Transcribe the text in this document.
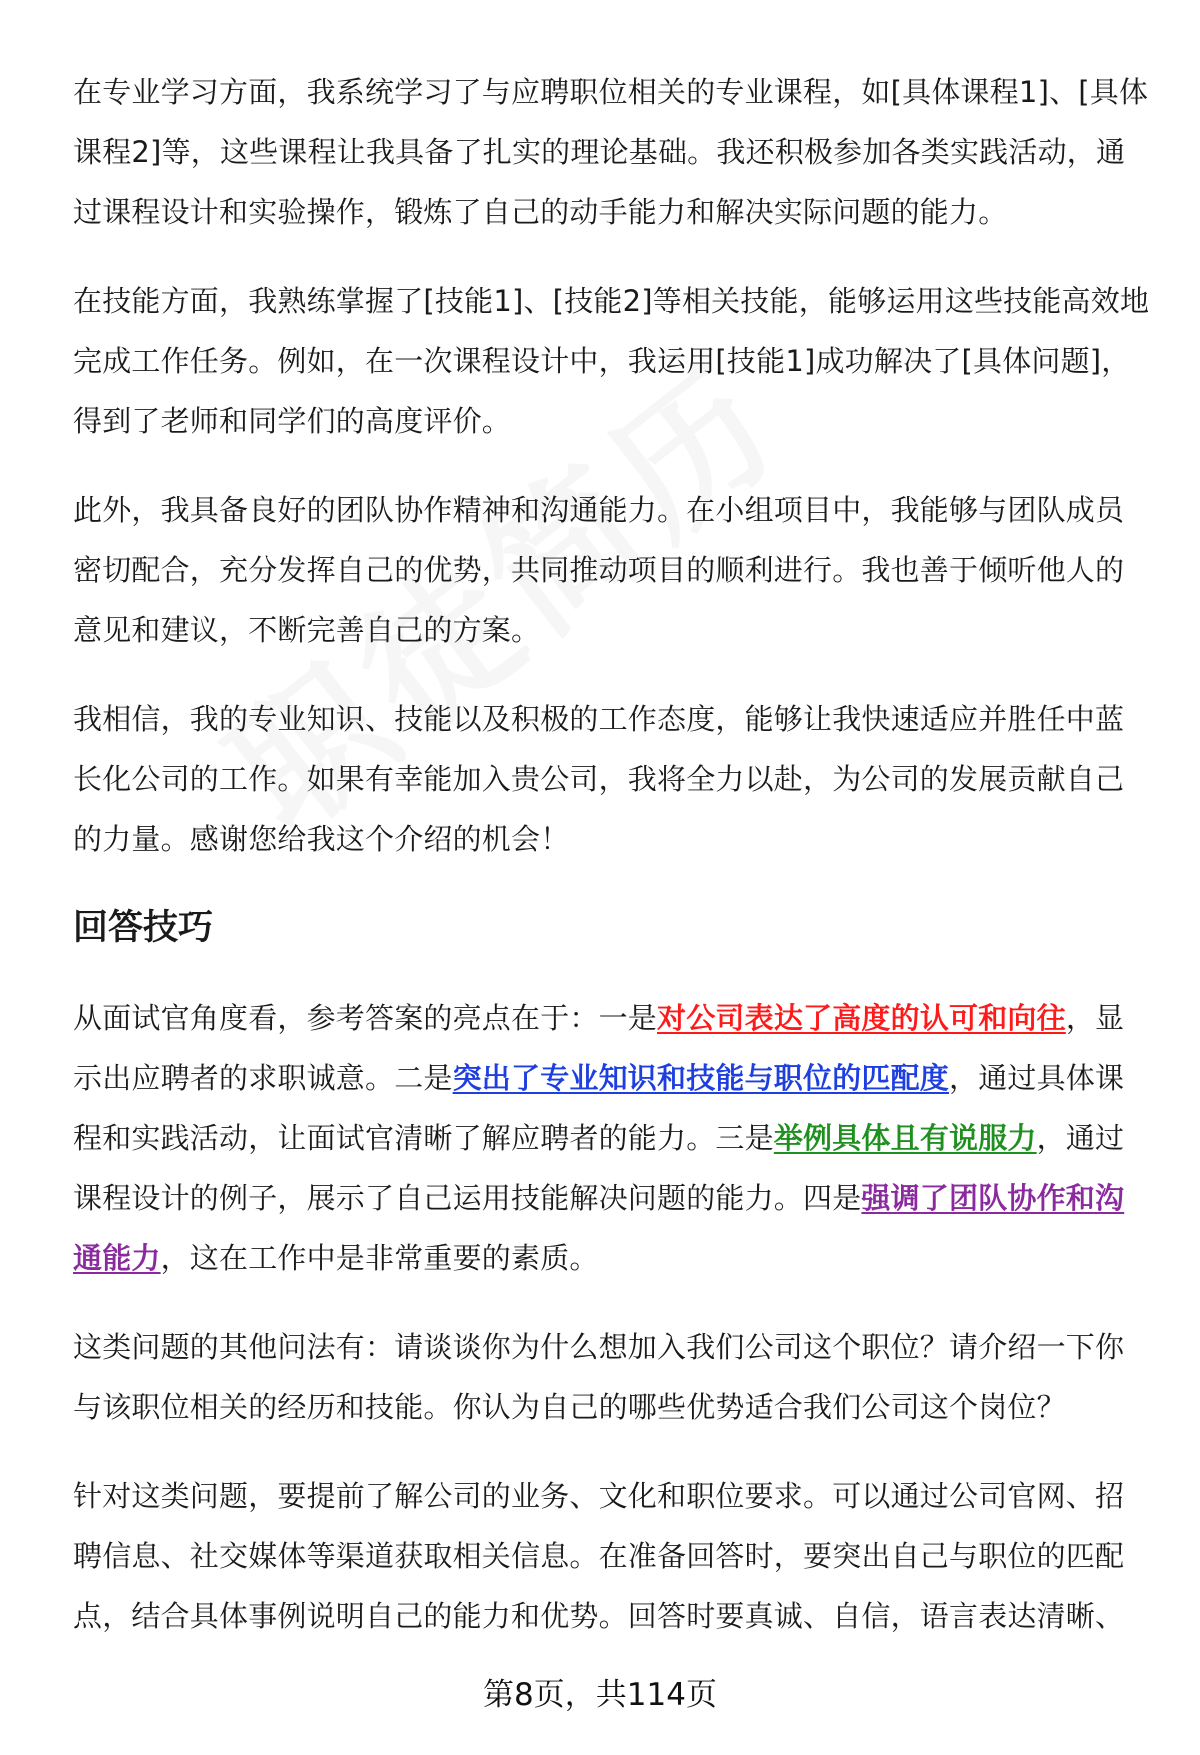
在专业学习方面，我系统学习了与应聘职位相关的专业课程，如[具体课程1]、[具体课程2]等，这些课程让我具备了扎实的理论基础。我还积极参加各类实践活动，通过课程设计和实验操作，锻炼了自己的动手能力和解决实际问题的能力。

在技能方面，我熟练掌握了[技能1]、[技能2]等相关技能，能够运用这些技能高效地完成工作任务。例如，在一次课程设计中，我运用[技能1]成功解决了[具体问题]，得到了老师和同学们的高度评价。

此外，我具备良好的团队协作精神和沟通能力。在小组项目中，我能够与团队成员密切配合，充分发挥自己的优势，共同推动项目的顺利进行。我也善于倾听他人的意见和建议，不断完善自己的方案。

我相信，我的专业知识、技能以及积极的工作态度，能够让我快速适应并胜任中蓝长化公司的工作。如果有幸能加入贵公司，我将全力以赴，为公司的发展贡献自己的力量。感谢您给我这个介绍的机会！

回答技巧

从面试官角度看，参考答案的亮点在于：一是对公司表达了高度的认可和向往，显示出应聘者的求职诚意。二是突出了专业知识和技能与职位的匹配度，通过具体课程和实践活动，让面试官清晰了解应聘者的能力。三是举例具体且有说服力，通过课程设计的例子，展示了自己运用技能解决问题的能力。四是强调了团队协作和沟通能力，这在工作中是非常重要的素质。

这类问题的其他问法有：请谈谈你为什么想加入我们公司这个职位？请介绍一下你与该职位相关的经历和技能。你认为自己的哪些优势适合我们公司这个岗位？

针对这类问题，要提前了解公司的业务、文化和职位要求。可以通过公司官网、招聘信息、社交媒体等渠道获取相关信息。在准备回答时，要突出自己与职位的匹配点，结合具体事例说明自己的能力和优势。回答时要真诚、自信，语言表达清晰、

第8页，共114页
